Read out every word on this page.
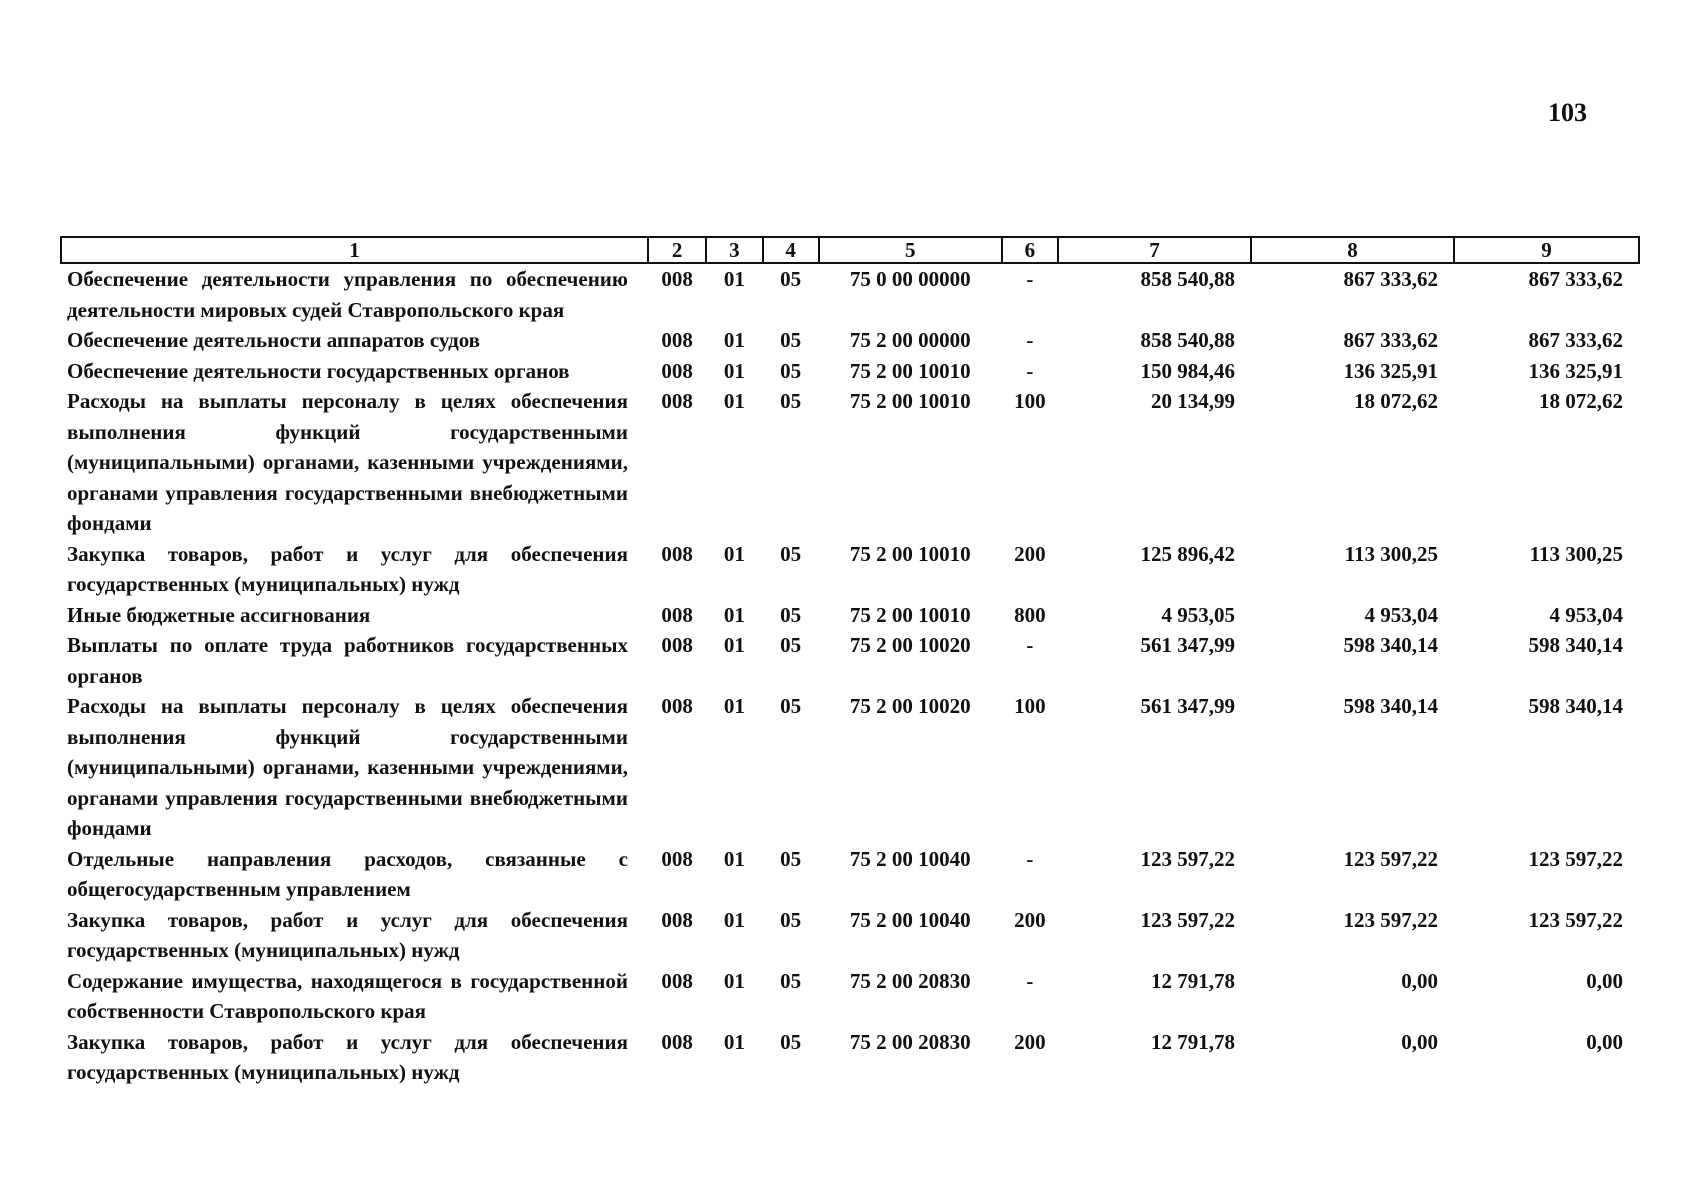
103
1	2	3	4	5	6	7	8	9
Обеспечение деятельности управления по обеспечению деятельности мировых судей Ставропольского края	008	01	05	75 0 00 00000	-	858 540,88	867 333,62	867 333,62
Обеспечение деятельности аппаратов судов	008	01	05	75 2 00 00000	-	858 540,88	867 333,62	867 333,62
Обеспечение деятельности государственных органов	008	01	05	75 2 00 10010	-	150 984,46	136 325,91	136 325,91
Расходы на выплаты персоналу в целях обеспечения выполнения функций государственными (муниципальными) органами, казенными учреждениями, органами управления государственными внебюджетными фондами	008	01	05	75 2 00 10010	100	20 134,99	18 072,62	18 072,62
Закупка товаров, работ и услуг для обеспечения государственных (муниципальных) нужд	008	01	05	75 2 00 10010	200	125 896,42	113 300,25	113 300,25
Иные бюджетные ассигнования	008	01	05	75 2 00 10010	800	4 953,05	4 953,04	4 953,04
Выплаты по оплате труда работников государственных органов	008	01	05	75 2 00 10020	-	561 347,99	598 340,14	598 340,14
Расходы на выплаты персоналу в целях обеспечения выполнения функций государственными (муниципальными) органами, казенными учреждениями, органами управления государственными внебюджетными фондами	008	01	05	75 2 00 10020	100	561 347,99	598 340,14	598 340,14
Отдельные направления расходов, связанные с общегосударственным управлением	008	01	05	75 2 00 10040	-	123 597,22	123 597,22	123 597,22
Закупка товаров, работ и услуг для обеспечения государственных (муниципальных) нужд	008	01	05	75 2 00 10040	200	123 597,22	123 597,22	123 597,22
Содержание имущества, находящегося в государственной собственности Ставропольского края	008	01	05	75 2 00 20830	-	12 791,78	0,00	0,00
Закупка товаров, работ и услуг для обеспечения государственных (муниципальных) нужд	008	01	05	75 2 00 20830	200	12 791,78	0,00	0,00
